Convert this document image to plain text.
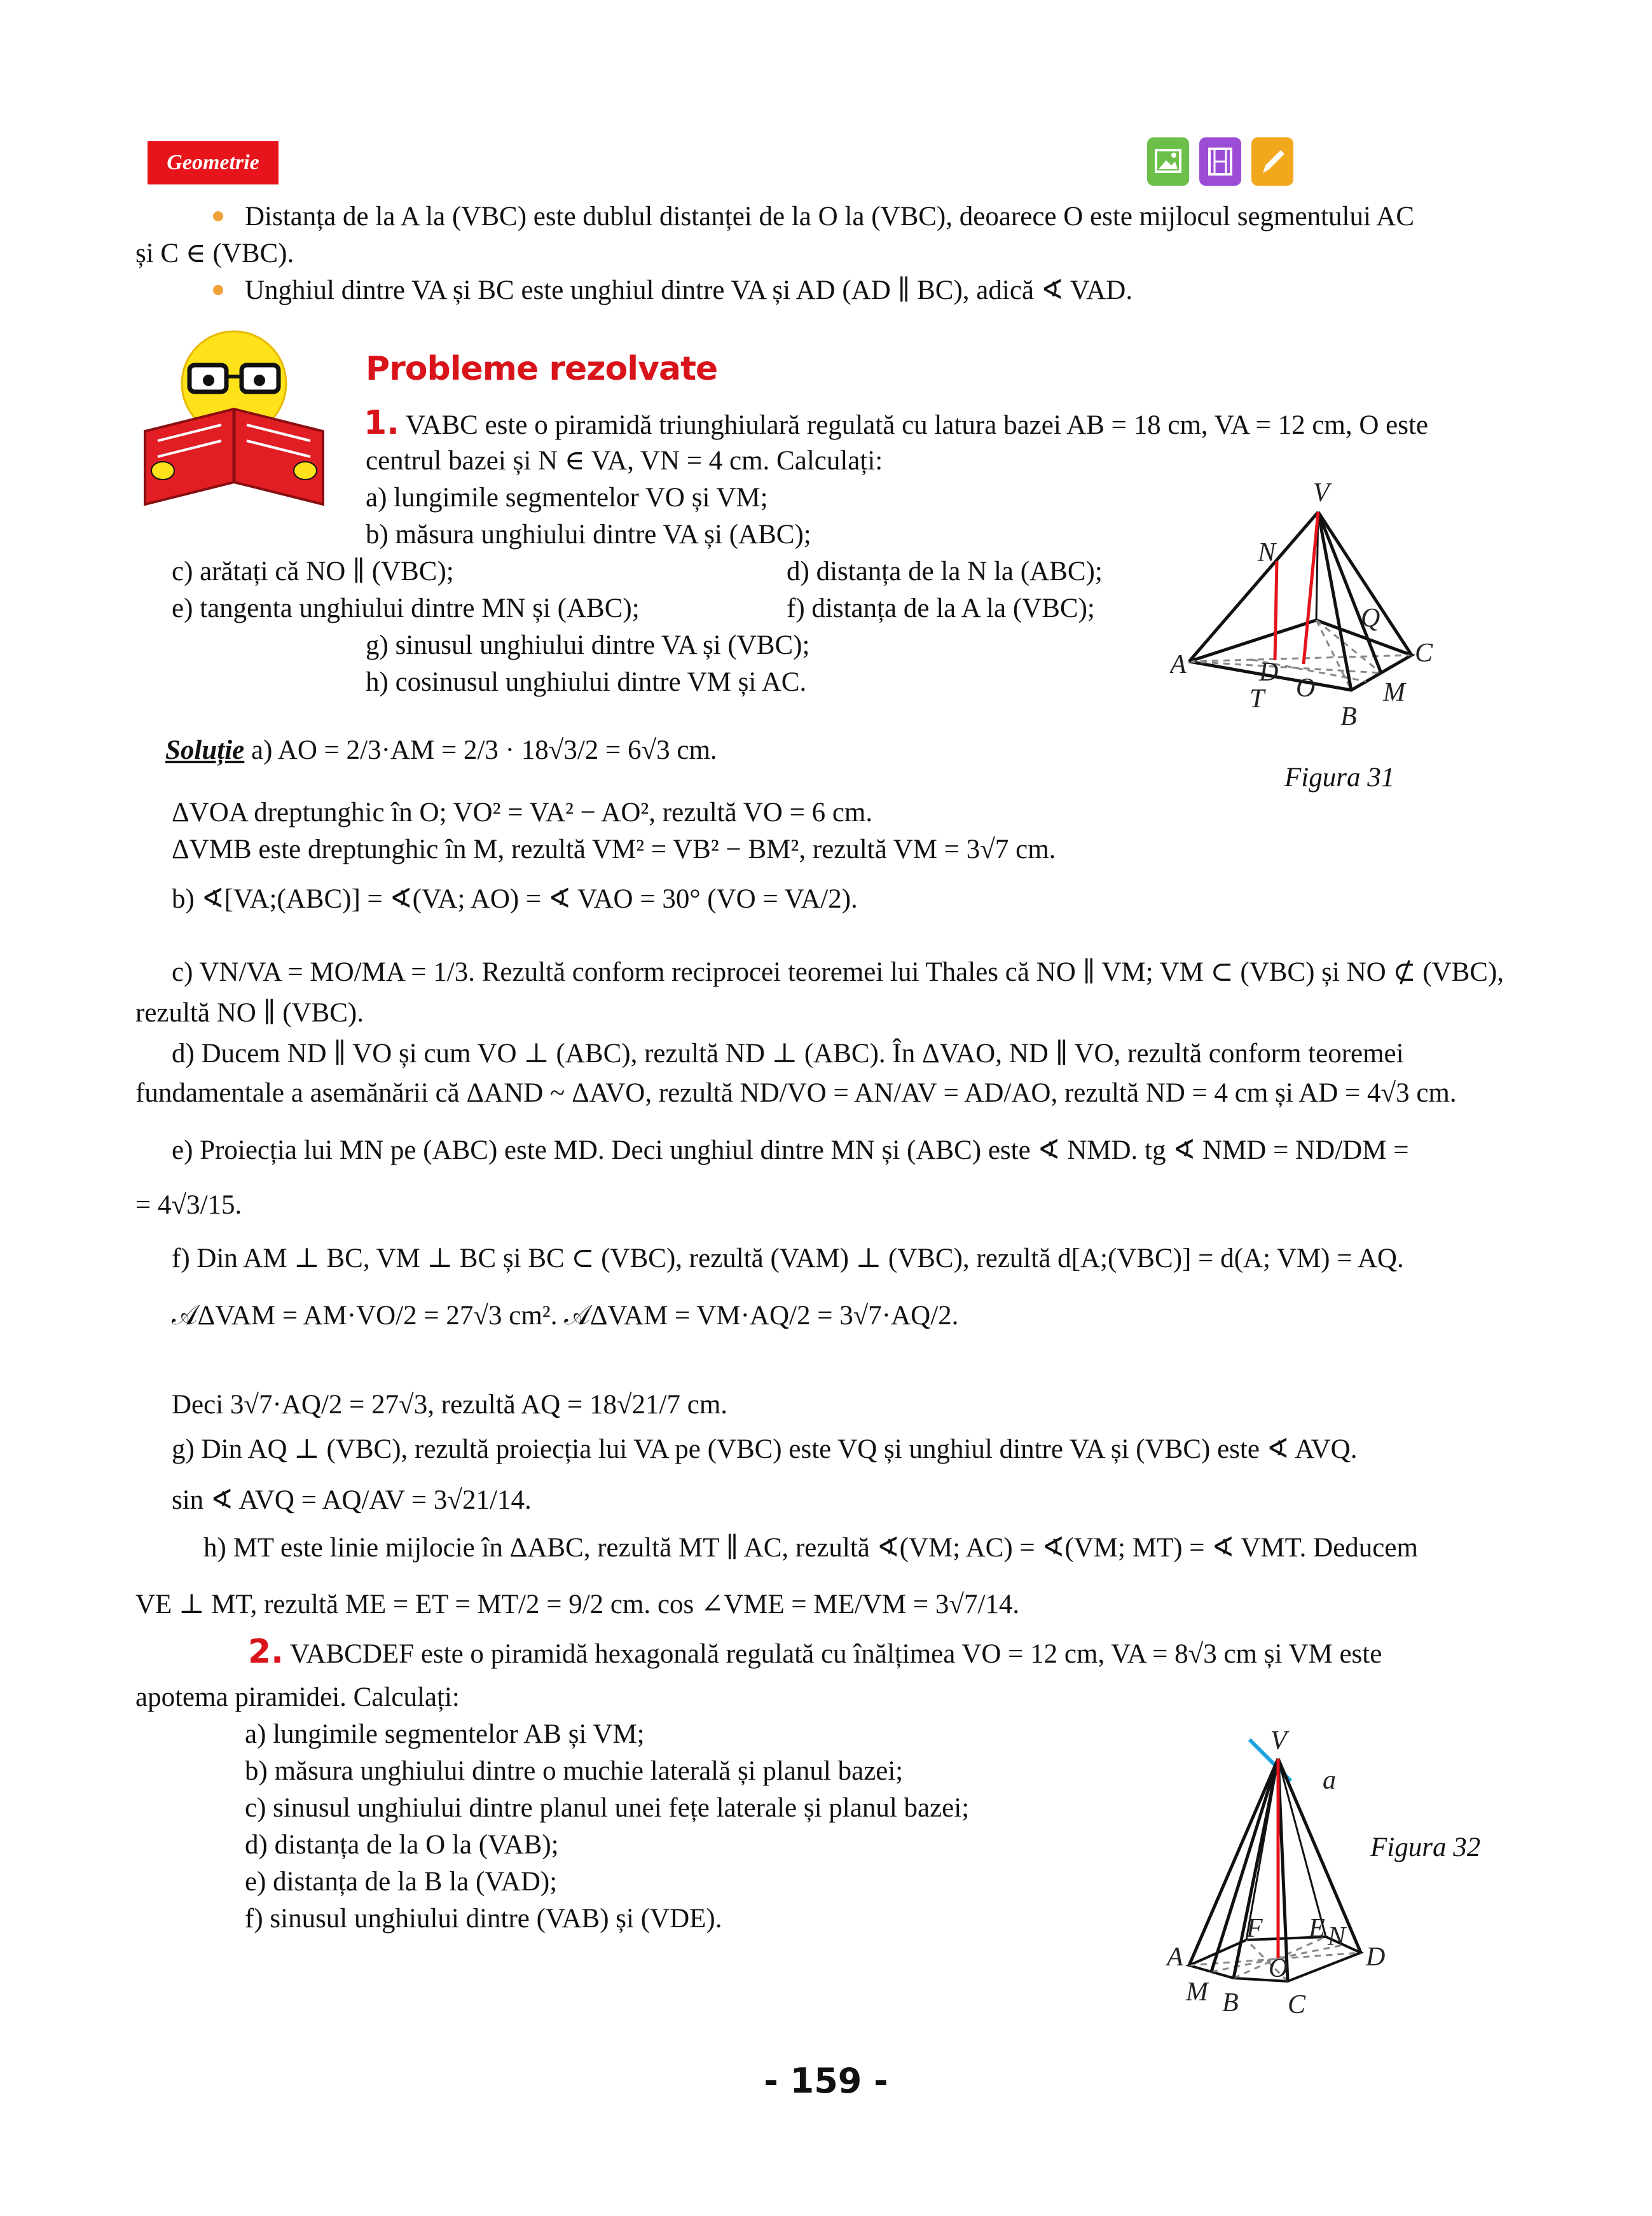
Geometrie
Distanța de la A la (VBC) este dublul distanței de la O la (VBC), deoarece O este mijlocul segmentului AC
și C ∈ (VBC).
Unghiul dintre VA și BC este unghiul dintre VA și AD (AD ∥ BC), adică ∢ VAD.
Probleme rezolvate
1. VABC este o piramidă triunghiulară regulată cu latura bazei AB = 18 cm, VA = 12 cm, O este
centrul bazei și N ∈ VA, VN = 4 cm. Calculați:
a) lungimile segmentelor VO și VM;
b) măsura unghiului dintre VA și (ABC);
c) arătați că NO ∥ (VBC);	d) distanța de la N la (ABC);
e) tangenta unghiului dintre MN și (ABC);	f) distanța de la A la (VBC);
g) sinusul unghiului dintre VA și (VBC);
h) cosinusul unghiului dintre VM și AC.
V
N
A	C
Q
D
T O	M
B
Figura 31
Soluție a) AO = 2/3·AM = 2/3 · 18√3/2 = 6√3 cm.
ΔVOA dreptunghic în O; VO² = VA² − AO², rezultă VO = 6 cm.
ΔVMB este dreptunghic în M, rezultă VM² = VB² − BM², rezultă VM = 3√7 cm.
b) ∢[VA;(ABC)] = ∢(VA; AO) = ∢ VAO = 30° (VO = VA/2).
c) VN/VA = MO/MA = 1/3. Rezultă conform reciprocei teoremei lui Thales că NO ∥ VM; VM ⊂ (VBC) și NO ⊄ (VBC),
rezultă NO ∥ (VBC).
d) Ducem ND ∥ VO și cum VO ⊥ (ABC), rezultă ND ⊥ (ABC). În ΔVAO, ND ∥ VO, rezultă conform teoremei
fundamentale a asemănării că ΔAND ~ ΔAVO, rezultă ND/VO = AN/AV = AD/AO, rezultă ND = 4 cm și AD = 4√3 cm.
e) Proiecția lui MN pe (ABC) este MD. Deci unghiul dintre MN și (ABC) este ∢ NMD. tg ∢ NMD = ND/DM =
= 4√3/15.
f) Din AM ⊥ BC, VM ⊥ BC și BC ⊂ (VBC), rezultă (VAM) ⊥ (VBC), rezultă d[A;(VBC)] = d(A; VM) = AQ.
𝒜ΔVAM = AM·VO/2 = 27√3 cm². 𝒜ΔVAM = VM·AQ/2 = 3√7·AQ/2.
Deci 3√7·AQ/2 = 27√3, rezultă AQ = 18√21/7 cm.
g) Din AQ ⊥ (VBC), rezultă proiecția lui VA pe (VBC) este VQ și unghiul dintre VA și (VBC) este ∢ AVQ.
sin ∢ AVQ = AQ/AV = 3√21/14.
h) MT este linie mijlocie în ΔABC, rezultă MT ∥ AC, rezultă ∢(VM; AC) = ∢(VM; MT) = ∢ VMT. Deducem
VE ⊥ MT, rezultă ME = ET = MT/2 = 9/2 cm. cos ∠VME = ME/VM = 3√7/14.
2. VABCDEF este o piramidă hexagonală regulată cu înălțimea VO = 12 cm, VA = 8√3 cm și VM este
apotema piramidei. Calculați:
a) lungimile segmentelor AB și VM;
b) măsura unghiului dintre o muchie laterală și planul bazei;
c) sinusul unghiului dintre planul unei fețe laterale și planul bazei;
d) distanța de la O la (VAB);
e) distanța de la B la (VAD);
f) sinusul unghiului dintre (VAB) și (VDE).
V
a
F E N
A	D
O
M B C
Figura 32
- 159 -
